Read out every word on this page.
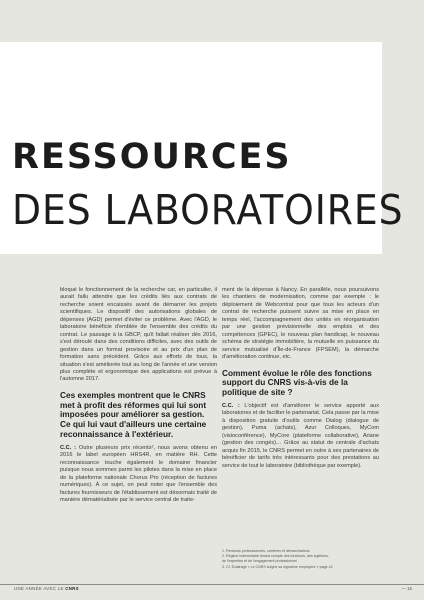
RESSOURCES
DES LABORATOIRES

bloqué le fonctionnement de la recherche car, en particulier, il aurait fallu attendre que les crédits liés aux contrats de recherche soient encaissés avant de démarrer les projets scientifiques. Le dispositif des autorisations globales de dépenses (AGD) permet d'éviter ce problème. Avec l'AGD, le laboratoire bénéficie d'emblée de l'ensemble des crédits du contrat. Le passage à la GBCP, qu'il fallait réaliser dès 2016, s'est déroulé dans des conditions difficiles, avec des outils de gestion dans un format provisoire et au prix d'un plan de formation sans précédent. Grâce aux efforts de tous, la situation s'est améliorée tout au long de l'année et une version plus complète et ergonomique des applications est prévue à l'automne 2017.

Ces exemples montrent que le CNRS met à profit des réformes qui lui sont imposées pour améliorer sa gestion. Ce qui lui vaut d'ailleurs une certaine reconnaissance à l'extérieur.

C.C. : Outre plusieurs prix récents², nous avons obtenu en 2016 le label européen HRS4R, en matière RH. Cette reconnaissance touche également le domaine financier puisque nous sommes parmi les pilotes dans la mise en place de la plateforme nationale Chorus Pro (réception de factures numériques). À ce sujet, on peut noter que l'ensemble des factures fournisseurs de l'établissement est désormais traité de manière dématérialisée par le service central de traite-

ment de la dépense à Nancy. En parallèle, nous poursuivons les chantiers de modernisation, comme par exemple : le déploiement de Webcontrat pour que tous les acteurs d'un contrat de recherche puissent suivre sa mise en place en temps réel, l'accompagnement des unités en réorganisation par une gestion prévisionnelle des emplois et des compétences (GPEC), le nouveau plan handicap, le nouveau schéma de stratégie immobilière, la mutuelle en puissance du service mutualisé d'Île-de-France (FPSEM), la démarche d'amélioration continue, etc.

Comment évolue le rôle des fonctions support du CNRS vis-à-vis de la politique de site ?

C.C. : L'objectif est d'améliorer le service apporté aux laboratoires et de faciliter le partenariat. Cela passe par la mise à disposition gratuite d'outils comme Dialog (dialogue de gestion), Puma (achats), Azur Colloques, MyCom (visioconférence), MyCore (plateforme collaborative), Ariane (gestion des congés)… Grâce au statut de centrale d'achats acquis fin 2015, le CNRS permet en outre à ses partenaires de bénéficier de tarifs très intéressants pour des prestations au service de tout le laboratoire (bibliothèque par exemple).

1. Pensions professionnels, carrières et démarchations

2. Régime indemnitaire tenant compte des fonctions, des sujétions,

de l'expertise et de l'engagement professionnel

3. Cf. Éclairage « Le CNRS soigne sa signature employeur » page 42

UNE ANNÉE AVEC LE CNRS	— 15
